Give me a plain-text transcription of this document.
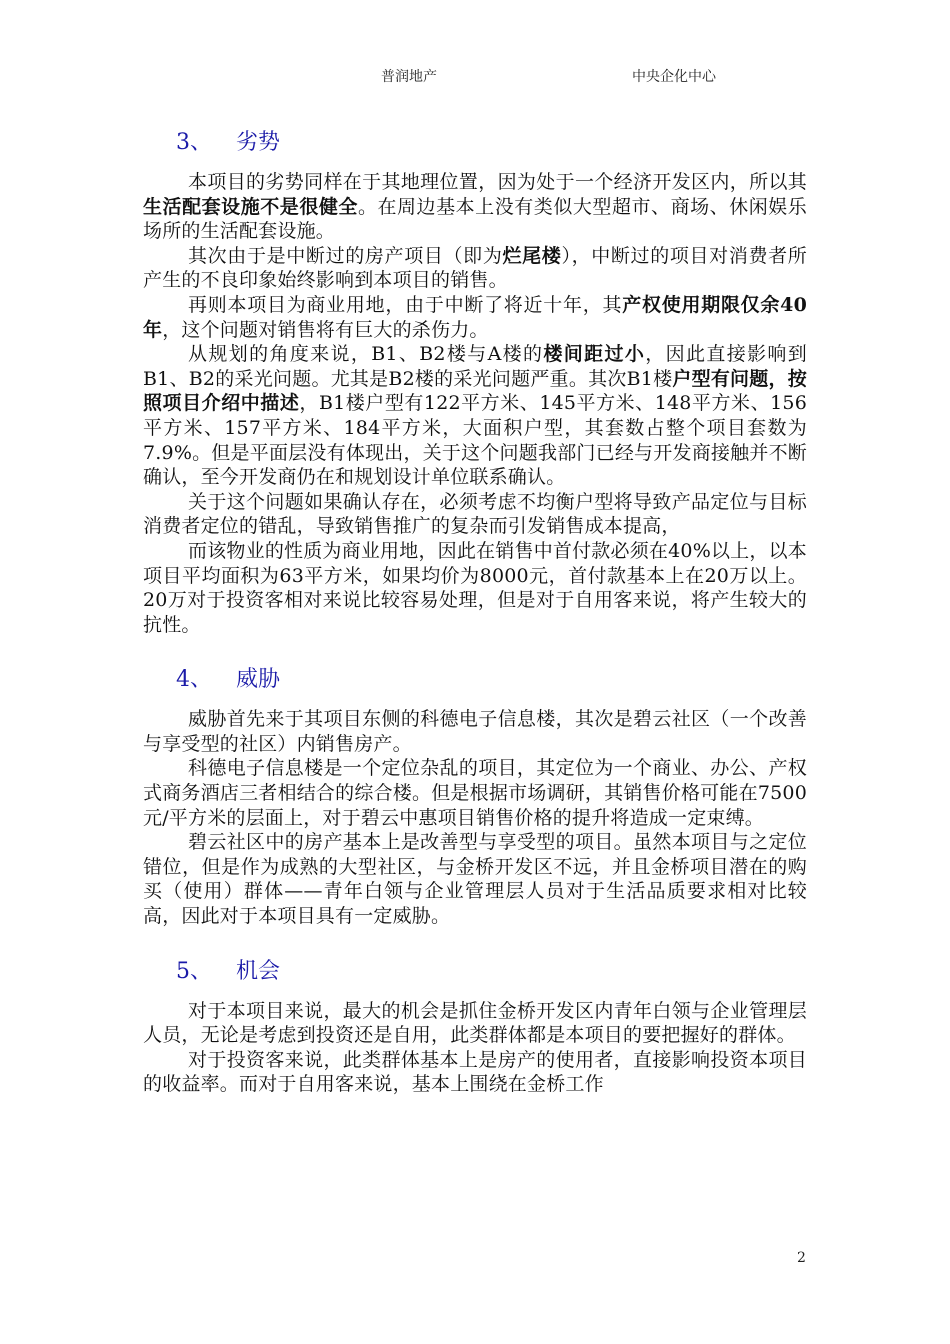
普润地产	中央企化中心
3、 劣势

本项目的劣势同样在于其地理位置，因为处于一个经济开发区内，所以其生活配套设施不是很健全。在周边基本上没有类似大型超市、商场、休闲娱乐场所的生活配套设施。

其次由于是中断过的房产项目（即为烂尾楼），中断过的项目对消费者所产生的不良印象始终影响到本项目的销售。

再则本项目为商业用地，由于中断了将近十年，其产权使用期限仅余40年，这个问题对销售将有巨大的杀伤力。

从规划的角度来说，B1、B2楼与A楼的楼间距过小，因此直接影响到B1、B2的采光问题。尤其是B2楼的采光问题严重。其次B1楼户型有问题，按照项目介绍中描述，B1楼户型有122平方米、145平方米、148平方米、156平方米、157平方米、184平方米，大面积户型，其套数占整个项目套数为7.9%。但是平面层没有体现出，关于这个问题我部门已经与开发商接触并不断确认，至今开发商仍在和规划设计单位联系确认。

关于这个问题如果确认存在，必须考虑不均衡户型将导致产品定位与目标消费者定位的错乱，导致销售推广的复杂而引发销售成本提高，

而该物业的性质为商业用地，因此在销售中首付款必须在40%以上，以本项目平均面积为63平方米，如果均价为8000元，首付款基本上在20万以上。20万对于投资客相对来说比较容易处理，但是对于自用客来说，将产生较大的抗性。

4、 威胁

威胁首先来于其项目东侧的科德电子信息楼，其次是碧云社区（一个改善与享受型的社区）内销售房产。

科德电子信息楼是一个定位杂乱的项目，其定位为一个商业、办公、产权式商务酒店三者相结合的综合楼。但是根据市场调研，其销售价格可能在7500元/平方米的层面上，对于碧云中惠项目销售价格的提升将造成一定束缚。

碧云社区中的房产基本上是改善型与享受型的项目。虽然本项目与之定位错位，但是作为成熟的大型社区，与金桥开发区不远，并且金桥项目潜在的购买（使用）群体——青年白领与企业管理层人员对于生活品质要求相对比较高，因此对于本项目具有一定威胁。

5、 机会

对于本项目来说，最大的机会是抓住金桥开发区内青年白领与企业管理层人员，无论是考虑到投资还是自用，此类群体都是本项目的要把握好的群体。

对于投资客来说，此类群体基本上是房产的使用者，直接影响投资本项目的收益率。而对于自用客来说，基本上围绕在金桥工作

2
